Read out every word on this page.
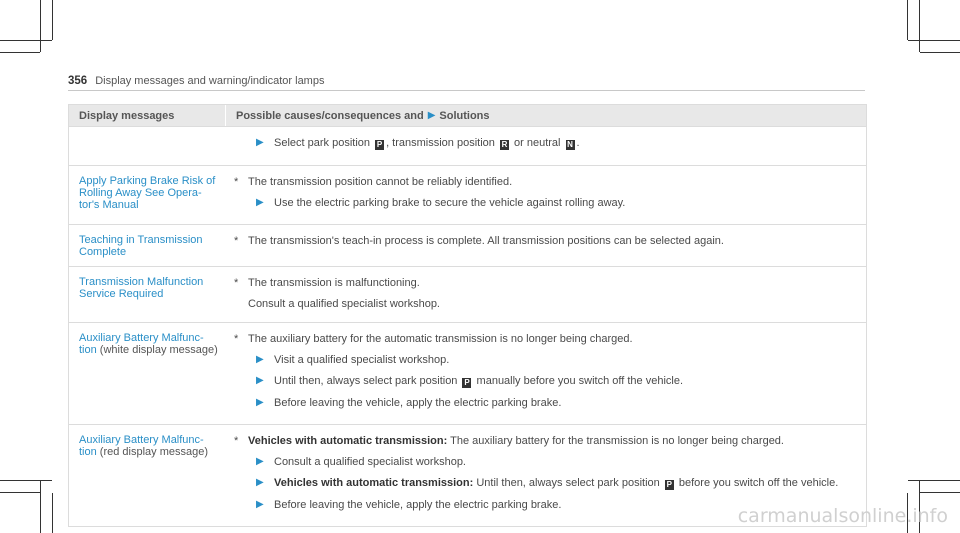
356 Display messages and warning/indicator lamps
Display messages	Possible causes/consequences and ▶ Solutions
▶ Select park position P , transmission position R or neutral N .
Apply Parking Brake Risk of Rolling Away See Opera-tor's Manual
* The transmission position cannot be reliably identified.
▶ Use the electric parking brake to secure the vehicle against rolling away.
Teaching in Transmission Complete
* The transmission's teach-in process is complete. All transmission positions can be selected again.
Transmission Malfunction Service Required
* The transmission is malfunctioning.
Consult a qualified specialist workshop.
Auxiliary Battery Malfunc-tion (white display message)
* The auxiliary battery for the automatic transmission is no longer being charged.
▶ Visit a qualified specialist workshop.
▶ Until then, always select park position P manually before you switch off the vehicle.
▶ Before leaving the vehicle, apply the electric parking brake.
Auxiliary Battery Malfunc-tion (red display message)
* Vehicles with automatic transmission: The auxiliary battery for the transmission is no longer being charged.
▶ Consult a qualified specialist workshop.
▶ Vehicles with automatic transmission: Until then, always select park position P before you switch off the vehicle.
▶ Before leaving the vehicle, apply the electric parking brake.	carmanualsonline.info
